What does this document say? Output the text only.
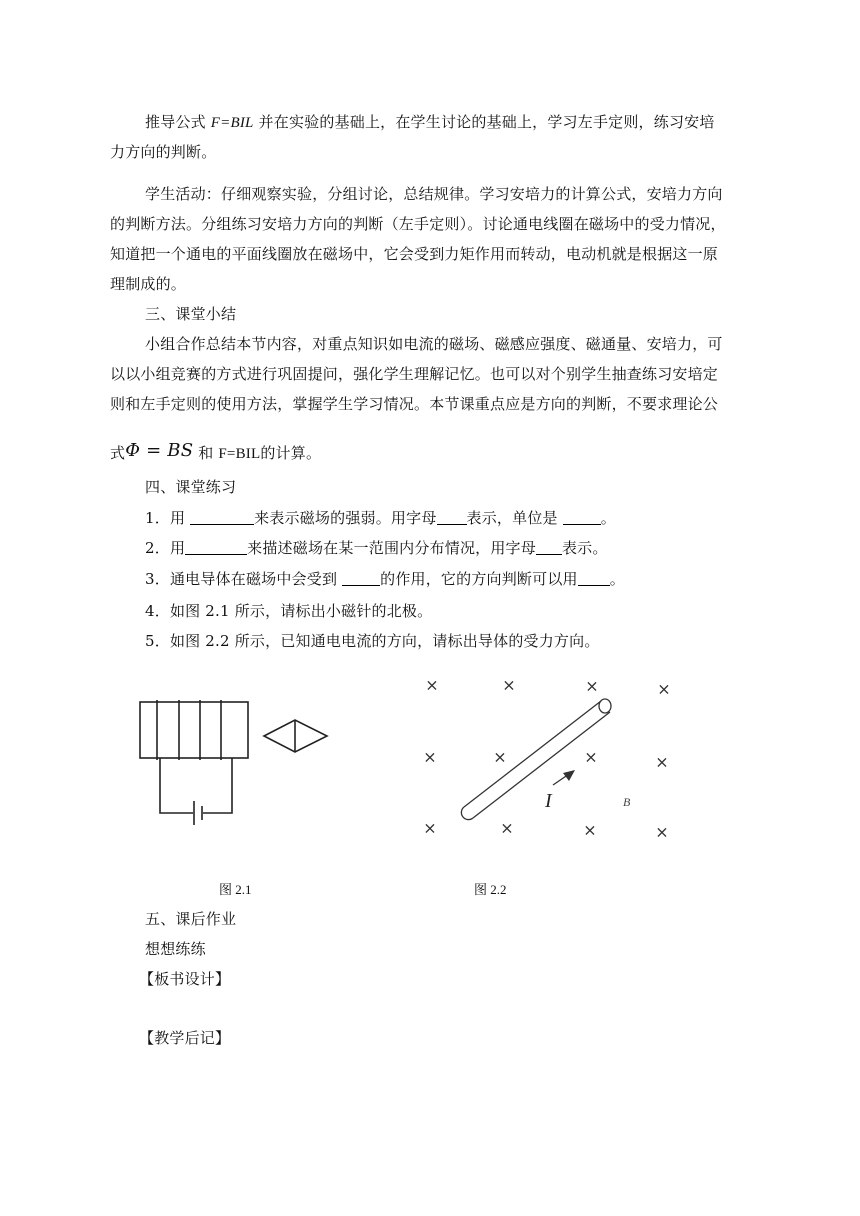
推导公式 F=BIL 并在实验的基础上，在学生讨论的基础上，学习左手定则，练习安培
力方向的判断。
学生活动：仔细观察实验，分组讨论，总结规律。学习安培力的计算公式，安培力方向
的判断方法。分组练习安培力方向的判断（左手定则）。讨论通电线圈在磁场中的受力情况，
知道把一个通电的平面线圈放在磁场中，它会受到力矩作用而转动，电动机就是根据这一原
理制成的。
三、课堂小结
小组合作总结本节内容，对重点知识如电流的磁场、磁感应强度、磁通量、安培力，可
以以小组竞赛的方式进行巩固提问，强化学生理解记忆。也可以对个别学生抽查练习安培定
则和左手定则的使用方法，掌握学生学习情况。本节课重点应是方向的判断，不要求理论公
式Φ = BS 和 F=BIL的计算。
四、课堂练习
1．用	来表示磁场的强弱。用字母 表示，单位是	。
2．用	来描述磁场在某一范围内分布情况，用字母 表示。
3．通电导体在磁场中会受到	的作用，它的方向判断可以用 。
4．如图 2.1 所示，请标出小磁针的北极。
5．如图 2.2 所示，已知通电电流的方向，请标出导体的受力方向。
图 2.1
×	×	×	×
×	×	×	×
×	×	×	×
I	B
图 2.2
五、课后作业
想想练练
【板书设计】
【教学后记】
